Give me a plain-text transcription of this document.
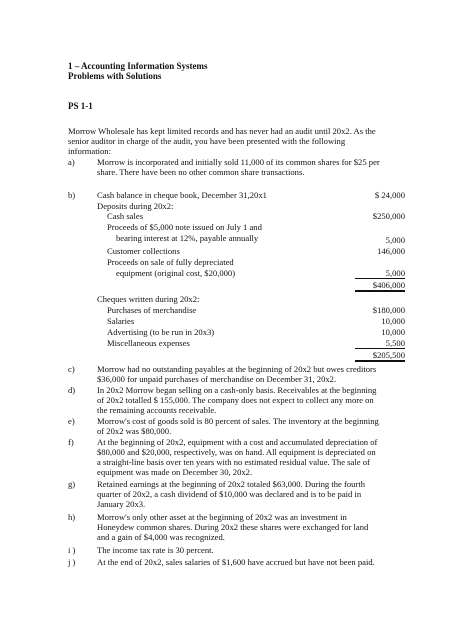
1 – Accounting Information Systems
Problems with Solutions
PS 1-1
Morrow Wholesale has kept limited records and has never had an audit until 20x2. As the
senior auditor in charge of the audit, you have been presented with the following
information:
a)	Morrow is incorporated and initially sold 11,000 of its common shares for $25 per
share. There have been no other common share transactions.
b)	Cash balance in cheque book, December 31,20x1	$ 24,000
Deposits during 20x2:
Cash sales	$250,000
Proceeds of $5,000 note issued on July 1 and
bearing interest at 12%, payable annually	5,000
Customer collections	146,000
Proceeds on sale of fully depreciated
equipment (original cost, $20,000)	5,000
$406,000
Cheques written during 20x2:
Purchases of merchandise	$180,000
Salaries	10,000
Advertising (to be run in 20x3)	10,000
Miscellaneous expenses	5,500
$205,500
c)	Morrow had no outstanding payables at the beginning of 20x2 but owes creditors
$36,000 for unpaid purchases of merchandise on December 31, 20x2.
d)	In 20x2 Morrow began selling on a cash-only basis. Receivables at the beginning
of 20x2 totalled $ 155,000. The company does not expect to collect any more on
the remaining accounts receivable.
e)	Morrow's cost of goods sold is 80 percent of sales. The inventory at the beginning
of 20x2 was $80,000.
f)	At the beginning of 20x2, equipment with a cost and accumulated depreciation of
$80,000 and $20,000, respectively, was on hand. All equipment is depreciated on
a straight-line basis over ten years with no estimated residual value. The sale of
equipment was made on December 30, 20x2.
g)	Retained earnings at the beginning of 20x2 totaled $63,000. During the fourth
quarter of 20x2, a cash dividend of $10,000 was declared and is to be paid in
January 20x3.
h)	Morrow's only other asset at the beginning of 20x2 was an investment in
Honeydew common shares. During 20x2 these shares were exchanged for land
and a gain of $4,000 was recognized.
i )	The income tax rate is 30 percent.
j )	At the end of 20x2, sales salaries of $1,600 have accrued but have not been paid.
